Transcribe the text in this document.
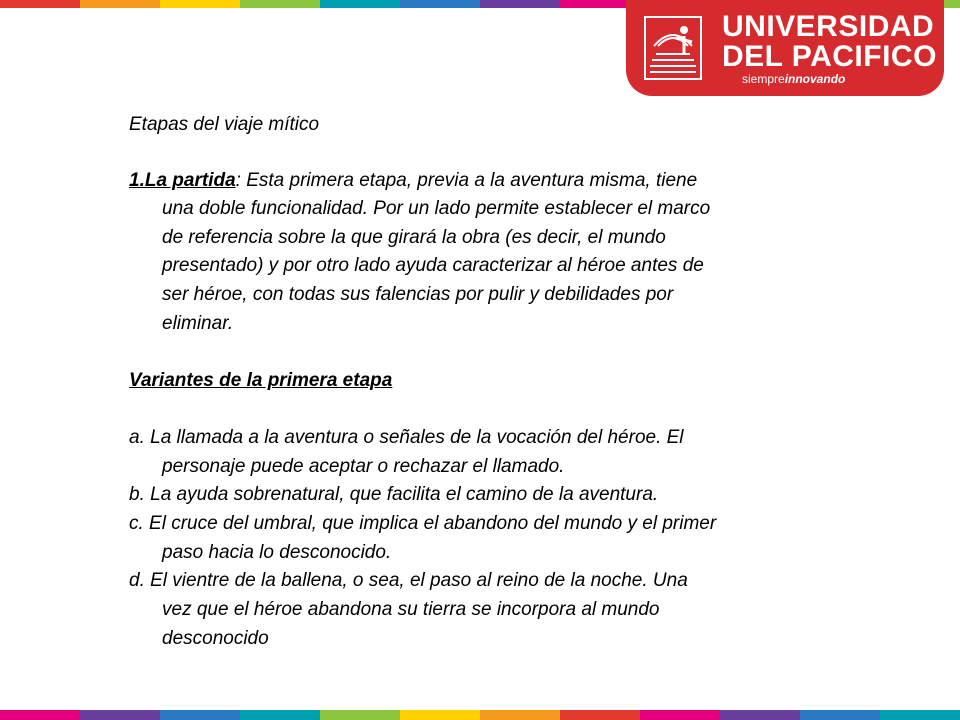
UNIVERSIDAD
DEL PACIFICO
siempreinnovando
Etapas del viaje mítico
1.La partida: Esta primera etapa, previa a la aventura misma, tiene
una doble funcionalidad. Por un lado permite establecer el marco
de referencia sobre la que girará la obra (es decir, el mundo
presentado) y por otro lado ayuda caracterizar al héroe antes de
ser héroe, con todas sus falencias por pulir y debilidades por
eliminar.
Variantes de la primera etapa
a. La llamada a la aventura o señales de la vocación del héroe. El
personaje puede aceptar o rechazar el llamado.
b. La ayuda sobrenatural, que facilita el camino de la aventura.
c. El cruce del umbral, que implica el abandono del mundo y el primer
paso hacia lo desconocido.
d. El vientre de la ballena, o sea, el paso al reino de la noche. Una
vez que el héroe abandona su tierra se incorpora al mundo
desconocido
